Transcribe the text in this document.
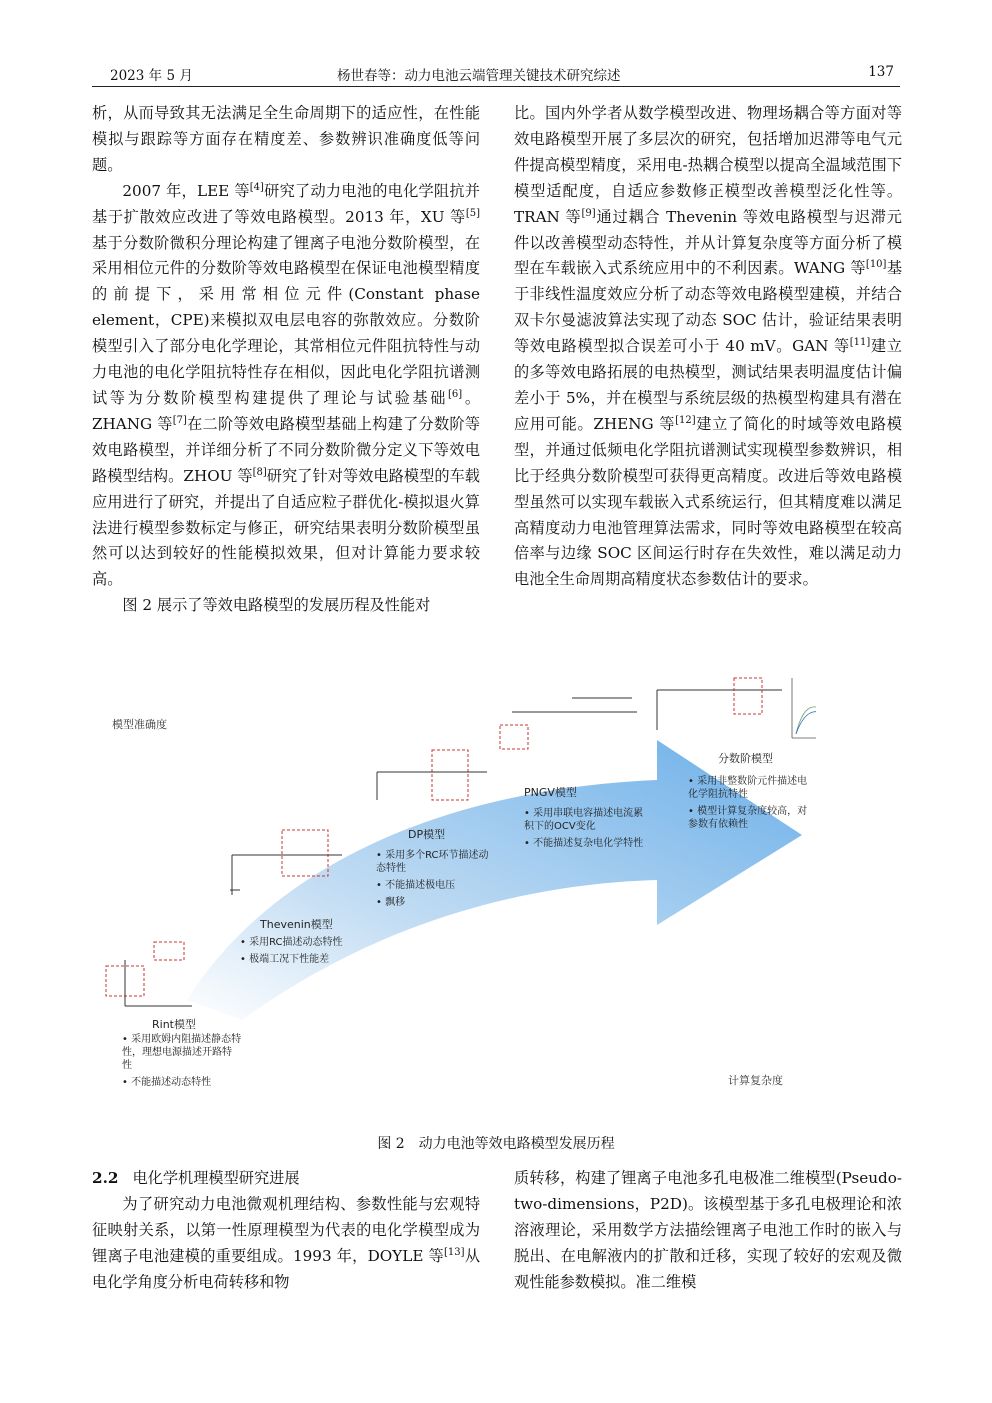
2023 年 5 月	杨世春等：动力电池云端管理关键技术研究综述	137

析，从而导致其无法满足全生命周期下的适应性，在性能模拟与跟踪等方面存在精度差、参数辨识准确度低等问题。

2007 年，LEE 等[4]研究了动力电池的电化学阻抗并基于扩散效应改进了等效电路模型。2013 年，XU 等[5]基于分数阶微积分理论构建了锂离子电池分数阶模型，在采用相位元件的分数阶等效电路模型在保证电池模型精度的前提下，采用常相位元件(Constant phase element，CPE)来模拟双电层电容的弥散效应。分数阶模型引入了部分电化学理论，其常相位元件阻抗特性与动力电池的电化学阻抗特性存在相似，因此电化学阻抗谱测试等为分数阶模型构建提供了理论与试验基础[6]。ZHANG 等[7]在二阶等效电路模型基础上构建了分数阶等效电路模型，并详细分析了不同分数阶微分定义下等效电路模型结构。ZHOU 等[8]研究了针对等效电路模型的车载应用进行了研究，并提出了自适应粒子群优化-模拟退火算法进行模型参数标定与修正，研究结果表明分数阶模型虽然可以达到较好的性能模拟效果，但对计算能力要求较高。

图 2 展示了等效电路模型的发展历程及性能对

比。国内外学者从数学模型改进、物理场耦合等方面对等效电路模型开展了多层次的研究，包括增加迟滞等电气元件提高模型精度，采用电-热耦合模型以提高全温域范围下模型适配度，自适应参数修正模型改善模型泛化性等。TRAN 等[9]通过耦合 Thevenin 等效电路模型与迟滞元件以改善模型动态特性，并从计算复杂度等方面分析了模型在车载嵌入式系统应用中的不利因素。WANG 等[10]基于非线性温度效应分析了动态等效电路模型建模，并结合双卡尔曼滤波算法实现了动态 SOC 估计，验证结果表明等效电路模型拟合误差可小于 40 mV。GAN 等[11]建立的多等效电路拓展的电热模型，测试结果表明温度估计偏差小于 5%，并在模型与系统层级的热模型构建具有潜在应用可能。ZHENG 等[12]建立了简化的时域等效电路模型，并通过低频电化学阻抗谱测试实现模型参数辨识，相比于经典分数阶模型可获得更高精度。改进后等效电路模型虽然可以实现车载嵌入式系统运行，但其精度难以满足高精度动力电池管理算法需求，同时等效电路模型在较高倍率与边缘 SOC 区间运行时存在失效性，难以满足动力电池全生命周期高精度状态参数估计的要求。

模型准确度
计算复杂度
Rint模型
• 采用欧姆内阻描述静态特
性，理想电源描述开路特
性
• 不能描述动态特性
Thevenin模型
• 采用RC描述动态特性
• 极端工况下性能差
DP模型
• 采用多个RC环节描述动
态特性
• 不能描述极电压
• 飘移
PNGV模型
• 采用串联电容描述电流累
积下的OCV变化
• 不能描述复杂电化学特性
分数阶模型
• 采用非整数阶元件描述电
化学阻抗特性
• 模型计算复杂度较高，对
参数有依赖性
图 2　动力电池等效电路模型发展历程
2.2 电化学机理模型研究进展

为了研究动力电池微观机理结构、参数性能与宏观特征映射关系，以第一性原理模型为代表的电化学模型成为锂离子电池建模的重要组成。1993 年，DOYLE 等[13]从电化学角度分析电荷转移和物

质转移，构建了锂离子电池多孔电极准二维模型(Pseudo-two-dimensions，P2D)。该模型基于多孔电极理论和浓溶液理论，采用数学方法描绘锂离子电池工作时的嵌入与脱出、在电解液内的扩散和迁移，实现了较好的宏观及微观性能参数模拟。准二维模
